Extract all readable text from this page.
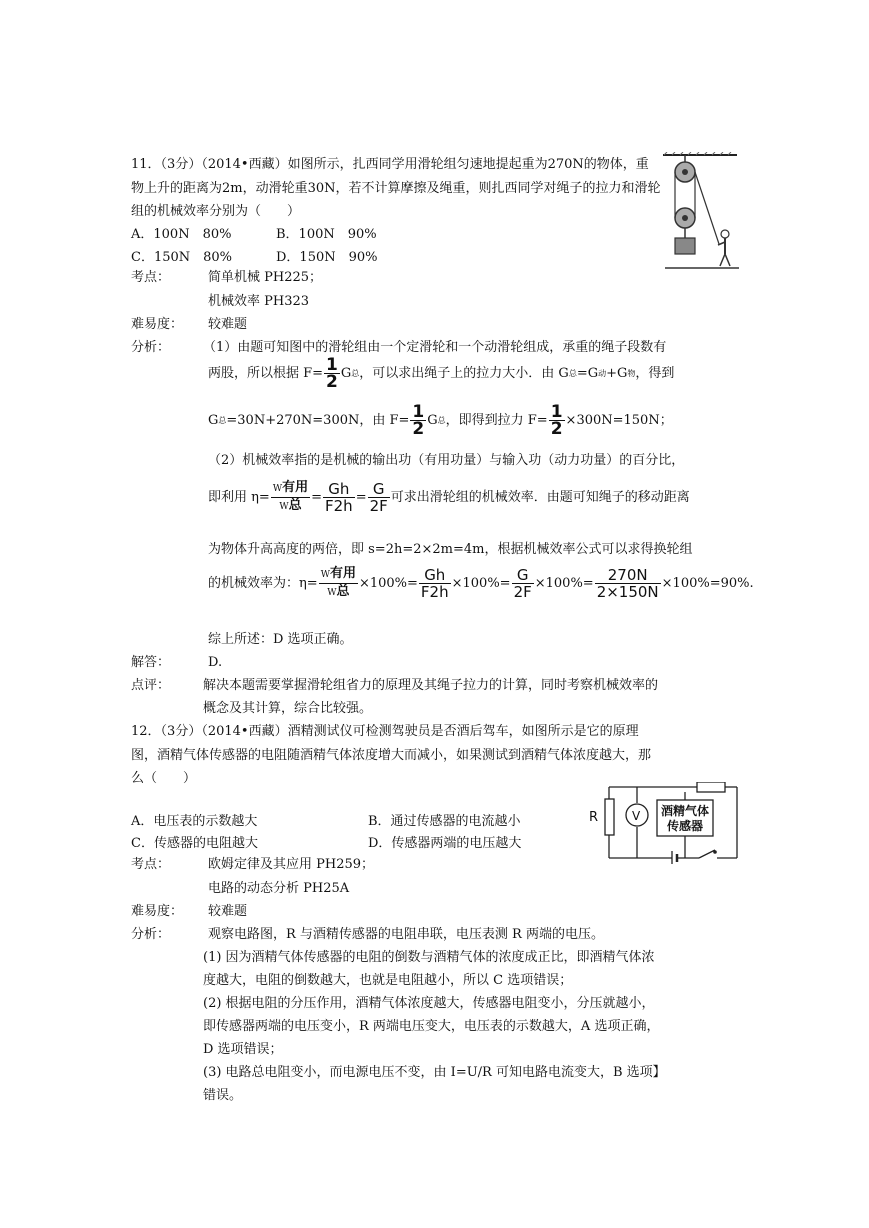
11．（3分）（2014•西藏）如图所示，扎西同学用滑轮组匀速地提起重为270N的物体，重
物上升的距离为2m，动滑轮重30N，若不计算摩擦及绳重，则扎西同学对绳子的拉力和滑轮
组的机械效率分别为（　　）
A．100N　80%	B．100N　90%
C．150N　80%	D．150N　90%
考点：	简单机械 PH225；
机械效率 PH323
难易度： 较难题
分析：	（1）由题可知图中的滑轮组由一个定滑轮和一个动滑轮组成，承重的绳子段数有
两股，所以根据 $F= \frac{1}{2}$ G 总 ，可以求出绳子上的拉力大小．由 G 总 =G 动 +G 物 ，得到
G 总 =30N+270N=300N，由 $F= \frac{1}{2}$ G 总 ，即得到拉力 $F= \frac{1}{2} \times 300N=150N$；
（2）机械效率指的是机械的输出功（有用功量）与输入功（动力功量）的百分比，
即利用 $\eta= \frac{\text{W有用}}{\text{W总}} = \frac{Gh}{F2h} = \frac{G}{2F}$ 可求出滑轮组的机械效率．由题可知绳子的移动距离
为物体升高高度的两倍，即 s=2h=2×2m=4m，根据机械效率公式可以求得换轮组
的机械效率为：$\eta= \frac{\text{W有用}}{\text{W总}} \times 100\%= \frac{Gh}{F2h} \times 100\%= \frac{G}{2F} \times 100\%= \frac{270N}{2\times 150N} \times 100\%=90\%$.
综上所述：D 选项正确。
解答：	D.
点评：	解决本题需要掌握滑轮组省力的原理及其绳子拉力的计算，同时考察机械效率的
概念及其计算，综合比较强。
12．（3分）（2014•西藏）酒精测试仪可检测驾驶员是否酒后驾车，如图所示是它的原理
图，酒精气体传感器的电阻随酒精气体浓度增大而减小，如果测试到酒精气体浓度越大，那
么（　　）
R	V 酒精气体
传感器
A．电压表的示数越大	B．通过传感器的电流越小
C．传感器的电阻越大	D．传感器两端的电压越大
考点：	欧姆定律及其应用 PH259；
电路的动态分析 PH25A
难易度： 较难题
分析：	观察电路图，R 与酒精传感器的电阻串联，电压表测 R 两端的电压。
(1) 因为酒精气体传感器的电阻的倒数与酒精气体的浓度成正比，即酒精气体浓
度越大，电阻的倒数越大，也就是电阻越小，所以 C 选项错误；
(2) 根据电阻的分压作用，酒精气体浓度越大，传感器电阻变小，分压就越小，
即传感器两端的电压变小，R 两端电压变大，电压表的示数越大，A 选项正确，
D 选项错误；
(3) 电路总电阻变小，而电源电压不变，由 I=U/R 可知电路电流变大，B 选项】
错误。
